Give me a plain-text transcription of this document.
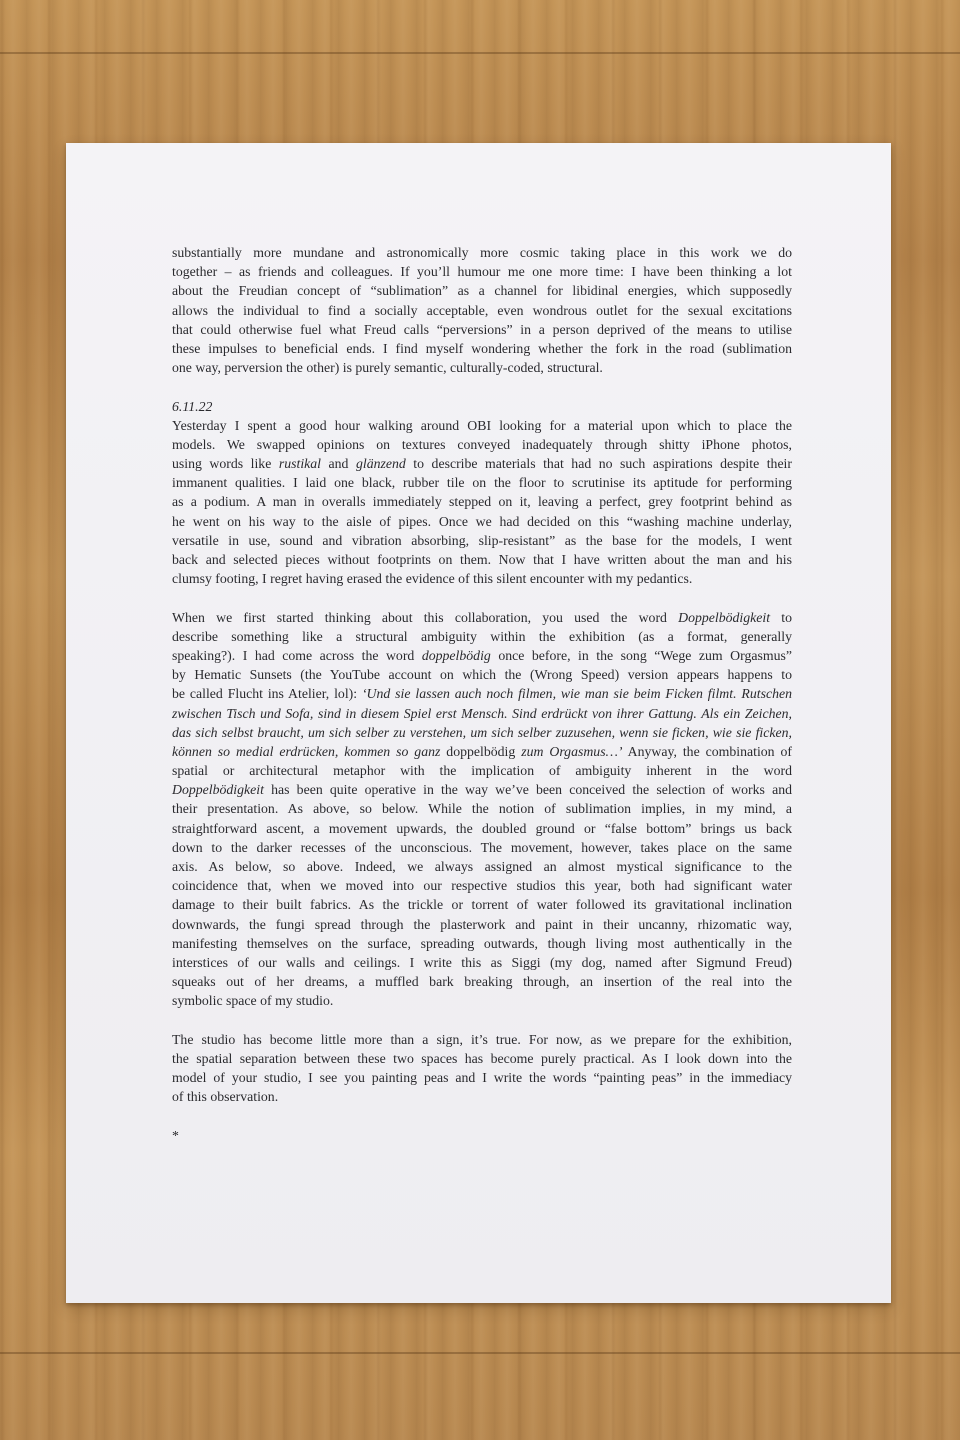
substantially more mundane and astronomically more cosmic taking place in this work we do
together – as friends and colleagues. If you’ll humour me one more time: I have been thinking a lot
about the Freudian concept of “sublimation” as a channel for libidinal energies, which supposedly
allows the individual to find a socially acceptable, even wondrous outlet for the sexual excitations
that could otherwise fuel what Freud calls “perversions” in a person deprived of the means to utilise
these impulses to beneficial ends. I find myself wondering whether the fork in the road (sublimation
one way, perversion the other) is purely semantic, culturally-coded, structural.
6.11.22
Yesterday I spent a good hour walking around OBI looking for a material upon which to place the
models. We swapped opinions on textures conveyed inadequately through shitty iPhone photos,
using words like rustikal and glänzend to describe materials that had no such aspirations despite their
immanent qualities. I laid one black, rubber tile on the floor to scrutinise its aptitude for performing
as a podium. A man in overalls immediately stepped on it, leaving a perfect, grey footprint behind as
he went on his way to the aisle of pipes. Once we had decided on this “washing machine underlay,
versatile in use, sound and vibration absorbing, slip-resistant” as the base for the models, I went
back and selected pieces without footprints on them. Now that I have written about the man and his
clumsy footing, I regret having erased the evidence of this silent encounter with my pedantics.
When we first started thinking about this collaboration, you used the word Doppelbödigkeit to
describe something like a structural ambiguity within the exhibition (as a format, generally
speaking?). I had come across the word doppelbödig once before, in the song “Wege zum Orgasmus”
by Hematic Sunsets (the YouTube account on which the (Wrong Speed) version appears happens to
be called Flucht ins Atelier, lol): ‘Und sie lassen auch noch filmen, wie man sie beim Ficken filmt. Rutschen
zwischen Tisch und Sofa, sind in diesem Spiel erst Mensch. Sind erdrückt von ihrer Gattung. Als ein Zeichen,
das sich selbst braucht, um sich selber zu verstehen, um sich selber zuzusehen, wenn sie ficken, wie sie ficken,
können so medial erdrücken, kommen so ganz doppelbödig zum Orgasmus…’ Anyway, the combination of
spatial or architectural metaphor with the implication of ambiguity inherent in the word
Doppelbödigkeit has been quite operative in the way we’ve been conceived the selection of works and
their presentation. As above, so below. While the notion of sublimation implies, in my mind, a
straightforward ascent, a movement upwards, the doubled ground or “false bottom” brings us back
down to the darker recesses of the unconscious. The movement, however, takes place on the same
axis. As below, so above. Indeed, we always assigned an almost mystical significance to the
coincidence that, when we moved into our respective studios this year, both had significant water
damage to their built fabrics. As the trickle or torrent of water followed its gravitational inclination
downwards, the fungi spread through the plasterwork and paint in their uncanny, rhizomatic way,
manifesting themselves on the surface, spreading outwards, though living most authentically in the
interstices of our walls and ceilings. I write this as Siggi (my dog, named after Sigmund Freud)
squeaks out of her dreams, a muffled bark breaking through, an insertion of the real into the
symbolic space of my studio.
The studio has become little more than a sign, it’s true. For now, as we prepare for the exhibition,
the spatial separation between these two spaces has become purely practical. As I look down into the
model of your studio, I see you painting peas and I write the words “painting peas” in the immediacy
of this observation.
*
